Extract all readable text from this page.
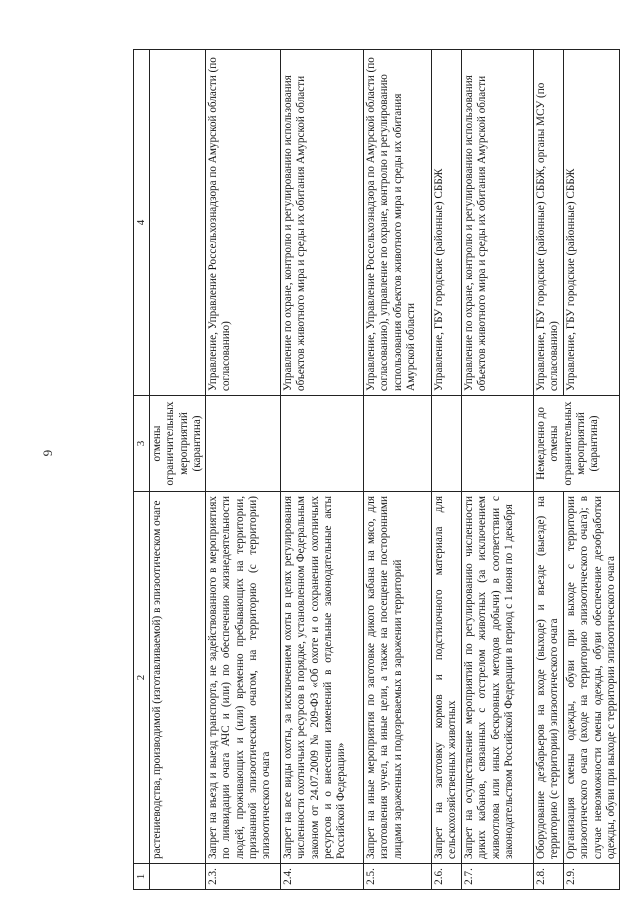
6
1	2	3	4
	растениеводства, производимой (изготавливаемой) в эпизоотическом очаге	отмены ограничительных мероприятий (карантина)	
2.3.	Запрет на въезд и выезд транспорта, не задействованного в мероприятиях по ликвидации очага АЧС и (или) по обеспечению жизнедеятельности людей, проживающих и (или) временно пребывающих на территории, признанной эпизоотическим очагом, на территорию (с территории) эпизоотического очага		Управление, Управление Россельхознадзора по Амурской области (по согласованию)
2.4.	Запрет на все виды охоты, за исключением охоты в целях регулирования численности охотничьих ресурсов в порядке, установленном Федеральным законом от 24.07.2009 № 209-ФЗ «Об охоте и о сохранении охотничьих ресурсов и о внесении изменений в отдельные законодательные акты Российской Федерации»		Управление по охране, контролю и регулированию использования объектов животного мира и среды их обитания Амурской области
2.5.	Запрет на иные мероприятия по заготовке дикого кабана на мясо, для изготовления чучел, на иные цели, а также на посещение посторонними лицами зараженных и подозреваемых в заражении территорий		Управление, Управление Россельхознадзора по Амурской области (по согласованию), управление по охране, контролю и регулированию использования объектов животного мира и среды их обитания Амурской области
2.6.	Запрет на заготовку кормов и подстилочного материала для сельскохозяйственных животных		Управление, ГБУ городские (районные) СББЖ
2.7.	Запрет на осуществление мероприятий по регулированию численности диких кабанов, связанных с отстрелом животных (за исключением живоотлова или иных бескровных методов добычи) в соответствии с законодательством Российской Федерации в период с 1 июня по 1 декабря		Управление по охране, контролю и регулированию использования объектов животного мира и среды их обитания Амурской области
2.8.	Оборудование дезбарьеров на входе (выходе) и въезде (выезде) на территорию (с территории) эпизоотического очага	Немедленно до отмены ограничительных мероприятий (карантина)	Управление, ГБУ городские (районные) СББЖ, органы МСУ (по согласованию)
2.9.	Организация смены одежды, обуви при выходе с территории эпизоотического очага (входе на территорию эпизоотического очага); в случае невозможности смены одежды, обуви обеспечение дезобработки одежды, обуви при выходе с территории эпизоотического очага		Управление, ГБУ городские (районные) СББЖ
